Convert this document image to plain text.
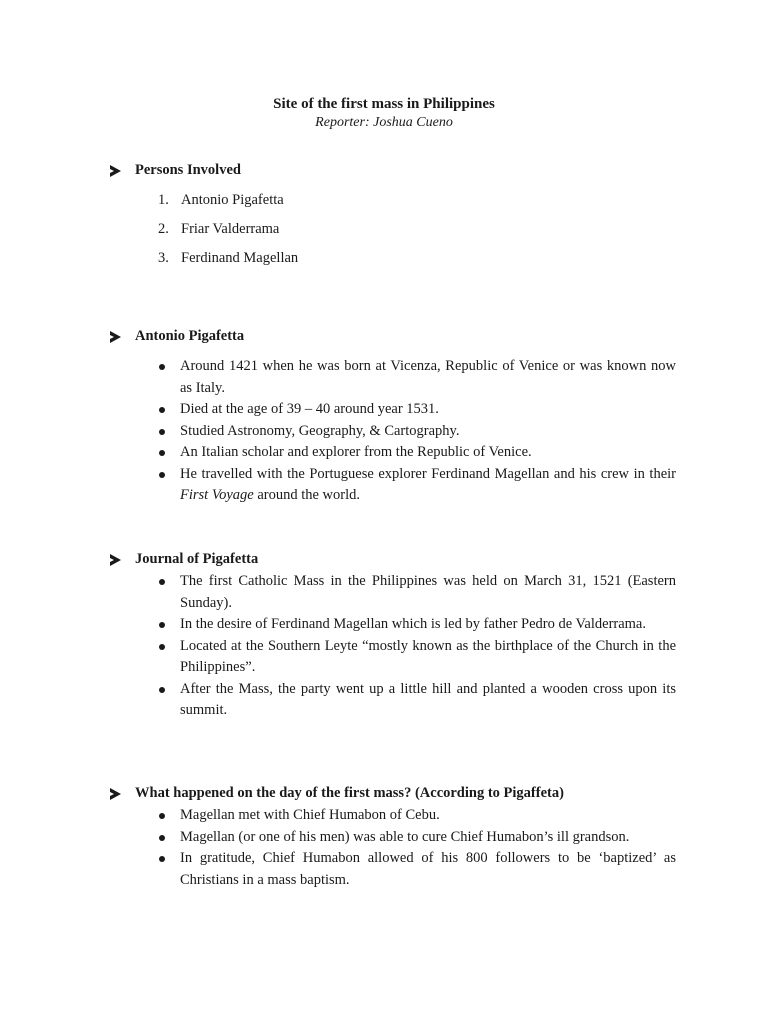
Site of the first mass in Philippines
Reporter: Joshua Cueno
Persons Involved
1. Antonio Pigafetta
2. Friar Valderrama
3. Ferdinand Magellan
Antonio Pigafetta
Around 1421 when he was born at Vicenza, Republic of Venice or was known now as Italy.
Died at the age of 39 – 40 around year 1531.
Studied Astronomy, Geography, & Cartography.
An Italian scholar and explorer from the Republic of Venice.
He travelled with the Portuguese explorer Ferdinand Magellan and his crew in their First Voyage around the world.
Journal of Pigafetta
The first Catholic Mass in the Philippines was held on March 31, 1521 (Eastern Sunday).
In the desire of Ferdinand Magellan which is led by father Pedro de Valderrama.
Located at the Southern Leyte “mostly known as the birthplace of the Church in the Philippines”.
After the Mass, the party went up a little hill and planted a wooden cross upon its summit.
What happened on the day of the first mass? (According to Pigaffeta)
Magellan met with Chief Humabon of Cebu.
Magellan (or one of his men) was able to cure Chief Humabon’s ill grandson.
In gratitude, Chief Humabon allowed of his 800 followers to be ‘baptized’ as Christians in a mass baptism.
